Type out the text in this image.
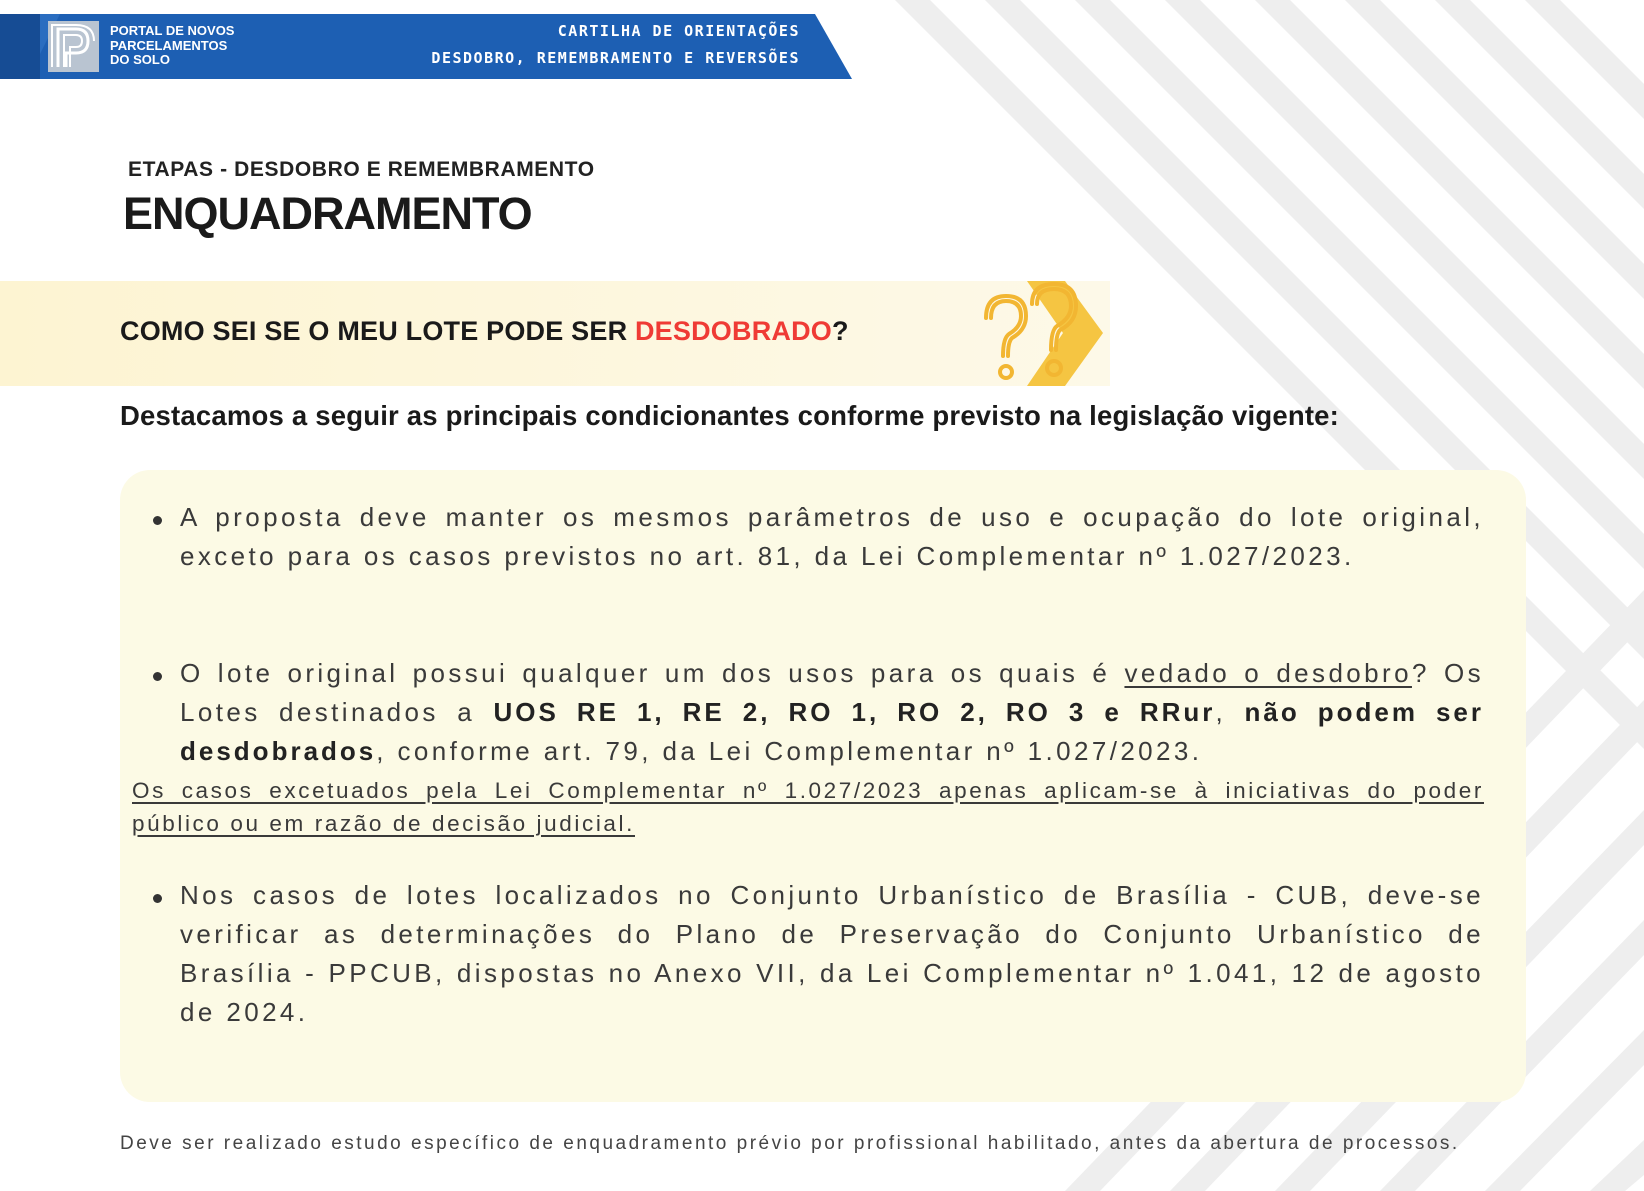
PORTAL DE NOVOS
PARCELAMENTOS
DO SOLO
CARTILHA DE ORIENTAÇÕES
DESDOBRO, REMEMBRAMENTO E REVERSÕES
ETAPAS - DESDOBRO E REMEMBRAMENTO
ENQUADRAMENTO
COMO SEI SE O MEU LOTE PODE SER DESDOBRADO?
Destacamos a seguir as principais condicionantes conforme previsto na legislação vigente:
A proposta deve manter os mesmos parâmetros de uso e ocupação do lote original, exceto para os casos previstos no art. 81, da Lei Complementar nº 1.027/2023.
O lote original possui qualquer um dos usos para os quais é vedado o desdobro? Os Lotes destinados a UOS RE 1, RE 2, RO 1, RO 2, RO 3 e RRur, não podem ser desdobrados, conforme art. 79, da Lei Complementar nº 1.027/2023.
Os casos excetuados pela Lei Complementar nº 1.027/2023 apenas aplicam-se à iniciativas do poder público ou em razão de decisão judicial.
Nos casos de lotes localizados no Conjunto Urbanístico de Brasília - CUB, deve-se verificar as determinações do Plano de Preservação do Conjunto Urbanístico de Brasília - PPCUB, dispostas no Anexo VII, da Lei Complementar nº 1.041, 12 de agosto de 2024.
Deve ser realizado estudo específico de enquadramento prévio por profissional habilitado, antes da abertura de processos.
